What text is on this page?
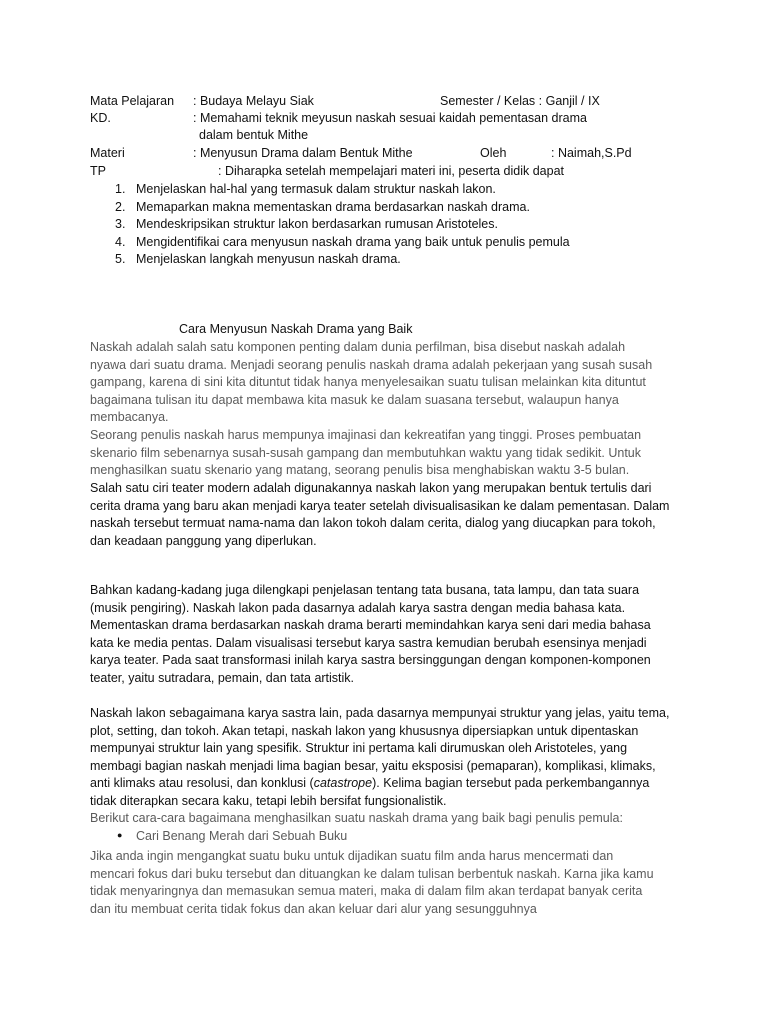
Mata Pelajaran : Budaya Melayu Siak	Semester / Kelas : Ganjil / IX
KD.	: Memahami teknik meyusun naskah sesuai kaidah pementasan drama
dalam bentuk Mithe
Materi	: Menyusun Drama dalam Bentuk Mithe	Oleh	: Naimah,S.Pd
TP	: Diharapka setelah mempelajari materi ini, peserta didik dapat
1. Menjelaskan hal-hal yang termasuk dalam struktur naskah lakon.
2. Memaparkan makna mementaskan drama berdasarkan naskah drama.
3. Mendeskripsikan struktur lakon berdasarkan rumusan Aristoteles.
4. Mengidentifikai cara menyusun naskah drama yang baik untuk penulis pemula
5. Menjelaskan langkah menyusun naskah drama.
Cara Menyusun Naskah Drama yang Baik
Naskah adalah salah satu komponen penting dalam dunia perfilman, bisa disebut naskah adalah
nyawa dari suatu drama. Menjadi seorang penulis naskah drama adalah pekerjaan yang susah susah
gampang, karena di sini kita dituntut tidak hanya menyelesaikan suatu tulisan melainkan kita dituntut
bagaimana tulisan itu dapat membawa kita masuk ke dalam suasana tersebut, walaupun hanya
membacanya.
Seorang penulis naskah harus mempunya imajinasi dan kekreatifan yang tinggi. Proses pembuatan
skenario film sebenarnya susah-susah gampang dan membutuhkan waktu yang tidak sedikit. Untuk
menghasilkan suatu skenario yang matang, seorang penulis bisa menghabiskan waktu 3-5 bulan.
Salah satu ciri teater modern adalah digunakannya naskah lakon yang merupakan bentuk tertulis dari
cerita drama yang baru akan menjadi karya teater setelah divisualisasikan ke dalam pementasan. Dalam
naskah tersebut termuat nama-nama dan lakon tokoh dalam cerita, dialog yang diucapkan para tokoh,
dan keadaan panggung yang diperlukan.
Bahkan kadang-kadang juga dilengkapi penjelasan tentang tata busana, tata lampu, dan tata suara
(musik pengiring). Naskah lakon pada dasarnya adalah karya sastra dengan media bahasa kata.
Mementaskan drama berdasarkan naskah drama berarti memindahkan karya seni dari media bahasa
kata ke media pentas. Dalam visualisasi tersebut karya sastra kemudian berubah esensinya menjadi
karya teater. Pada saat transformasi inilah karya sastra bersinggungan dengan komponen-komponen
teater, yaitu sutradara, pemain, dan tata artistik.
Naskah lakon sebagaimana karya sastra lain, pada dasarnya mempunyai struktur yang jelas, yaitu tema,
plot, setting, dan tokoh. Akan tetapi, naskah lakon yang khususnya dipersiapkan untuk dipentaskan
mempunyai struktur lain yang spesifik. Struktur ini pertama kali dirumuskan oleh Aristoteles, yang
membagi bagian naskah menjadi lima bagian besar, yaitu eksposisi (pemaparan), komplikasi, klimaks,
anti klimaks atau resolusi, dan konklusi (catastrope). Kelima bagian tersebut pada perkembangannya
tidak diterapkan secara kaku, tetapi lebih bersifat fungsionalistik.
Berikut cara-cara bagaimana menghasilkan suatu naskah drama yang baik bagi penulis pemula:
● Cari Benang Merah dari Sebuah Buku
Jika anda ingin mengangkat suatu buku untuk dijadikan suatu film anda harus mencermati dan
mencari fokus dari buku tersebut dan dituangkan ke dalam tulisan berbentuk naskah. Karna jika kamu
tidak menyaringnya dan memasukan semua materi, maka di dalam film akan terdapat banyak cerita
dan itu membuat cerita tidak fokus dan akan keluar dari alur yang sesungguhnya
